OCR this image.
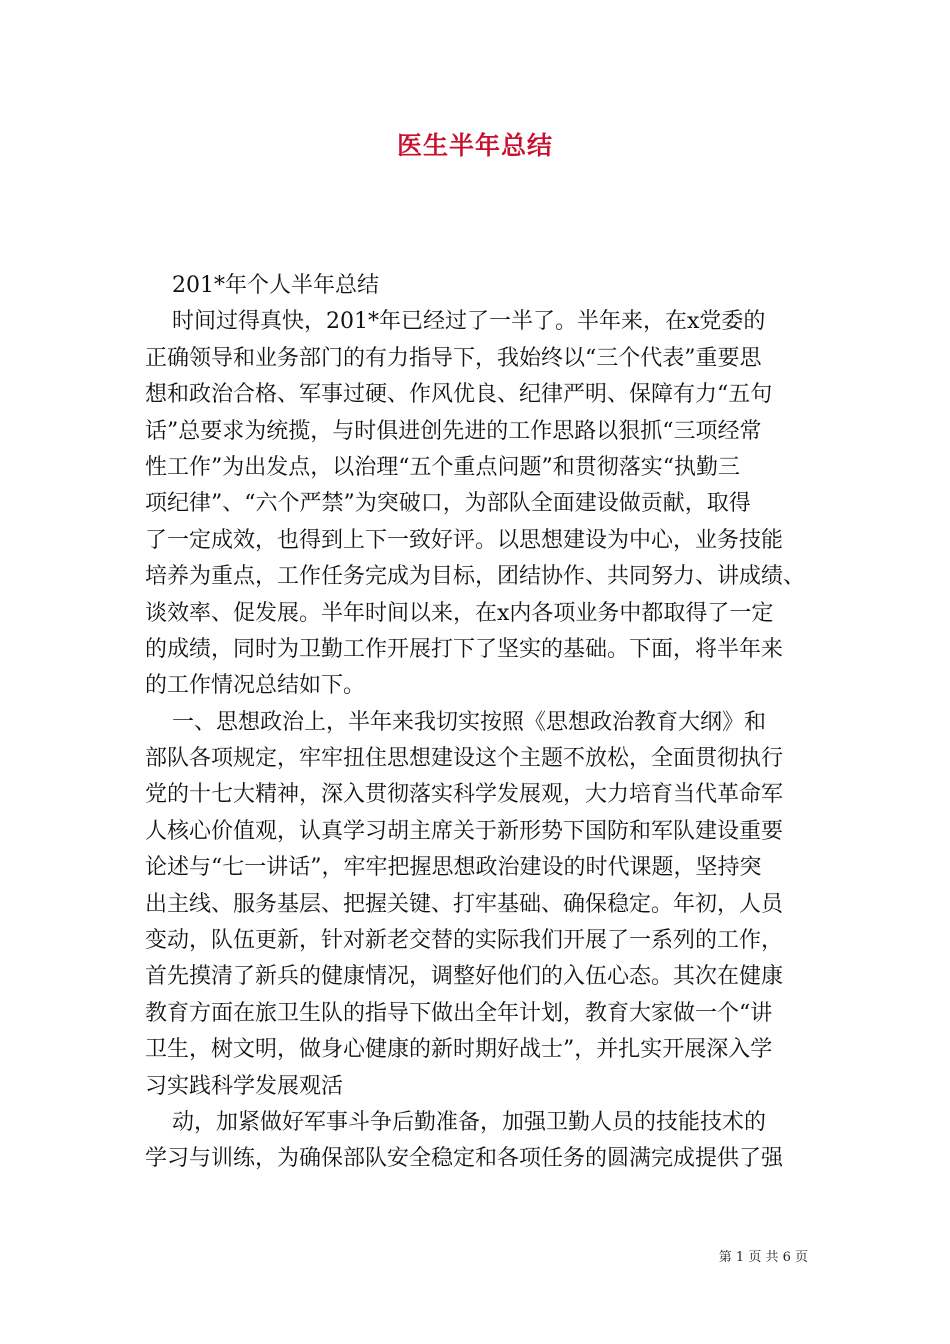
医生半年总结
201*年个人半年总结
时间过得真快，201*年已经过了一半了。半年来，在x党委的
正确领导和业务部门的有力指导下，我始终以“三个代表”重要思
想和政治合格、军事过硬、作风优良、纪律严明、保障有力“五句
话”总要求为统揽，与时俱进创先进的工作思路以狠抓“三项经常
性工作”为出发点，以治理“五个重点问题”和贯彻落实“执勤三
项纪律”、“六个严禁”为突破口，为部队全面建设做贡献，取得
了一定成效，也得到上下一致好评。以思想建设为中心，业务技能
培养为重点，工作任务完成为目标，团结协作、共同努力、讲成绩、
谈效率、促发展。半年时间以来，在x内各项业务中都取得了一定
的成绩，同时为卫勤工作开展打下了坚实的基础。下面，将半年来
的工作情况总结如下。
一、思想政治上，半年来我切实按照《思想政治教育大纲》和
部队各项规定，牢牢扭住思想建设这个主题不放松，全面贯彻执行
党的十七大精神，深入贯彻落实科学发展观，大力培育当代革命军
人核心价值观，认真学习胡主席关于新形势下国防和军队建设重要
论述与“七一讲话”，牢牢把握思想政治建设的时代课题，坚持突
出主线、服务基层、把握关键、打牢基础、确保稳定。年初，人员
变动，队伍更新，针对新老交替的实际我们开展了一系列的工作，
首先摸清了新兵的健康情况，调整好他们的入伍心态。其次在健康
教育方面在旅卫生队的指导下做出全年计划，教育大家做一个“讲
卫生，树文明，做身心健康的新时期好战士”，并扎实开展深入学
习实践科学发展观活
动，加紧做好军事斗争后勤准备，加强卫勤人员的技能技术的
学习与训练，为确保部队安全稳定和各项任务的圆满完成提供了强
第 1 页 共 6 页
